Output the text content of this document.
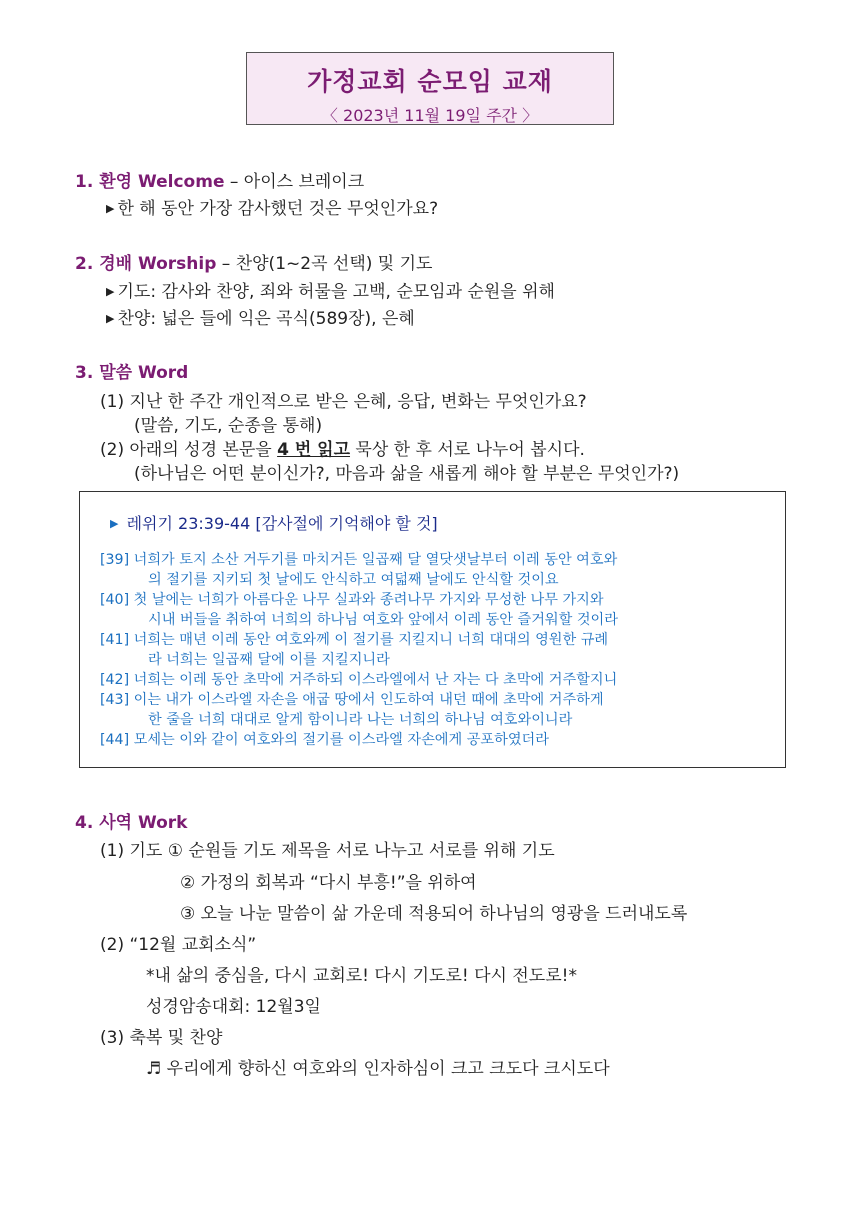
가정교회 순모임 교재
〈 2023년 11월 19일 주간 〉
1. 환영 Welcome – 아이스 브레이크
▶ 한 해 동안 가장 감사했던 것은 무엇인가요?
2. 경배 Worship – 찬양(1~2곡 선택) 및 기도
▶ 기도: 감사와 찬양, 죄와 허물을 고백, 순모임과 순원을 위해
▶ 찬양: 넓은 들에 익은 곡식(589장), 은혜
3. 말씀 Word
(1) 지난 한 주간 개인적으로 받은 은혜, 응답, 변화는 무엇인가요?
(말씀, 기도, 순종을 통해)
(2) 아래의 성경 본문을 4 번 읽고 묵상 한 후 서로 나누어 봅시다.
(하나님은 어떤 분이신가?, 마음과 삶을 새롭게 해야 할 부분은 무엇인가?)
▶ 레위기 23:39-44 [감사절에 기억해야 할 것]
[39] 너희가 토지 소산 거두기를 마치거든 일곱째 달 열닷샛날부터 이레 동안 여호와
의 절기를 지키되 첫 날에도 안식하고 여덟째 날에도 안식할 것이요
[40] 첫 날에는 너희가 아름다운 나무 실과와 종려나무 가지와 무성한 나무 가지와
시내 버들을 취하여 너희의 하나님 여호와 앞에서 이레 동안 즐거워할 것이라
[41] 너희는 매년 이레 동안 여호와께 이 절기를 지킬지니 너희 대대의 영원한 규례
라 너희는 일곱째 달에 이를 지킬지니라
[42] 너희는 이레 동안 초막에 거주하되 이스라엘에서 난 자는 다 초막에 거주할지니
[43] 이는 내가 이스라엘 자손을 애굽 땅에서 인도하여 내던 때에 초막에 거주하게
한 줄을 너희 대대로 알게 함이니라 나는 너희의 하나님 여호와이니라
[44] 모세는 이와 같이 여호와의 절기를 이스라엘 자손에게 공포하였더라
4. 사역 Work
(1) 기도 ① 순원들 기도 제목을 서로 나누고 서로를 위해 기도
② 가정의 회복과 “다시 부흥!”을 위하여
③ 오늘 나눈 말씀이 삶 가운데 적용되어 하나님의 영광을 드러내도록
(2) “12월 교회소식”
*내 삶의 중심을, 다시 교회로! 다시 기도로! 다시 전도로!*
성경암송대회: 12월3일
(3) 축복 및 찬양
♬ 우리에게 향하신 여호와의 인자하심이 크고 크도다 크시도다
